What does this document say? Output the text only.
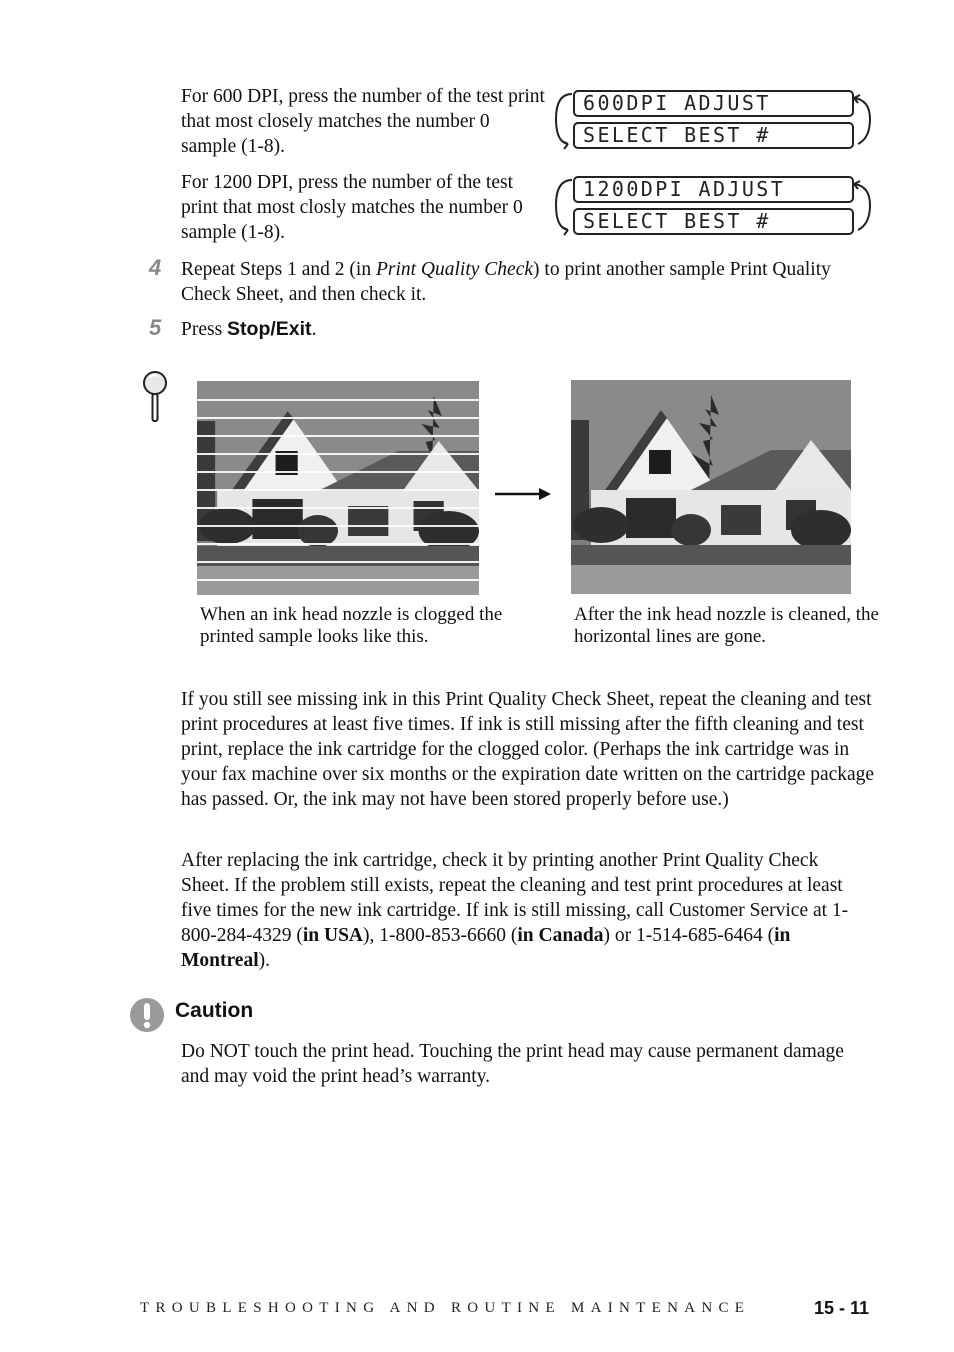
For 600 DPI, press the number of the test print that most closely matches the number 0 sample (1-8).
600DPI ADJUST
SELECT BEST #
For 1200 DPI, press the number of the test print that most closly matches the number 0 sample (1-8).
1200DPI ADJUST
SELECT BEST #
4 Repeat Steps 1 and 2 (in Print Quality Check) to print another sample Print Quality Check Sheet, and then check it.
5 Press Stop/Exit.
When an ink head nozzle is clogged the printed sample looks like this.
After the ink head nozzle is cleaned, the horizontal lines are gone.
If you still see missing ink in this Print Quality Check Sheet, repeat the cleaning and test print procedures at least five times. If ink is still missing after the fifth cleaning and test print, replace the ink cartridge for the clogged color. (Perhaps the ink cartridge was in your fax machine over six months or the expiration date written on the cartridge package has passed. Or, the ink may not have been stored properly before use.)
After replacing the ink cartridge, check it by printing another Print Quality Check Sheet. If the problem still exists, repeat the cleaning and test print procedures at least five times for the new ink cartridge. If ink is still missing, call Customer Service at 1-800-284-4329 (in USA), 1-800-853-6660 (in Canada) or 1-514-685-6464 (in Montreal).
Caution
Do NOT touch the print head. Touching the print head may cause permanent damage and may void the print head’s warranty.
TROUBLESHOOTING AND ROUTINE MAINTENANCE	15 - 11
